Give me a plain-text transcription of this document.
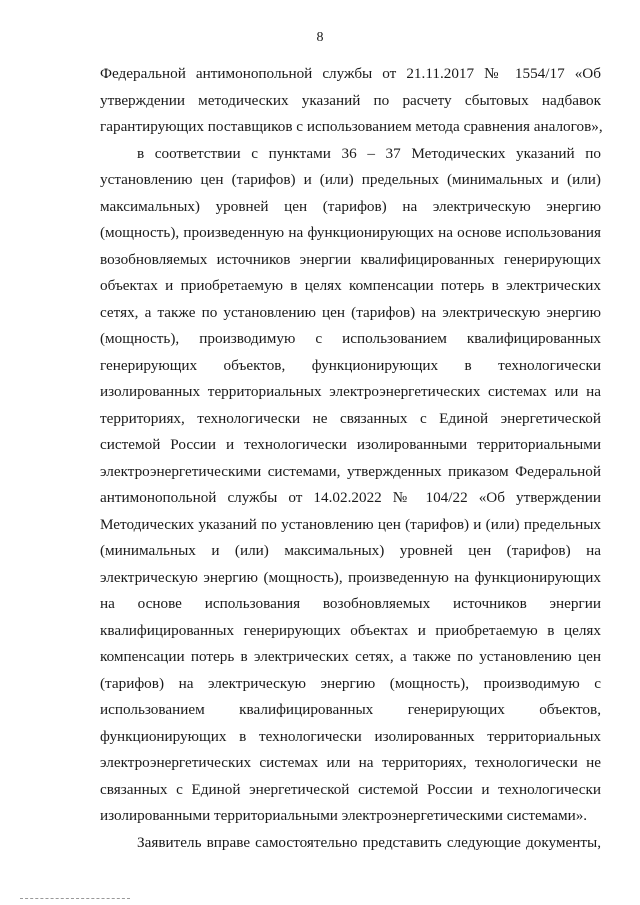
8
Федеральной антимонопольной службы от 21.11.2017 № 1554/17 «Об
утверждении методических указаний по расчету сбытовых надбавок
гарантирующих поставщиков с использованием метода сравнения аналогов»,
в соответствии с пунктами 36 – 37 Методических указаний по
установлению цен (тарифов) и (или) предельных (минимальных и (или)
максимальных) уровней цен (тарифов) на электрическую энергию
(мощность), произведенную на функционирующих на основе использования
возобновляемых источников энергии квалифицированных генерирующих
объектах и приобретаемую в целях компенсации потерь в электрических
сетях, а также по установлению цен (тарифов) на электрическую энергию
(мощность), производимую с использованием квалифицированных
генерирующих объектов, функционирующих в технологически
изолированных территориальных электроэнергетических системах или на
территориях, технологически не связанных с Единой энергетической
системой России и технологически изолированными территориальными
электроэнергетическими системами, утвержденных приказом Федеральной
антимонопольной службы от 14.02.2022 № 104/22 «Об утверждении
Методических указаний по установлению цен (тарифов) и (или) предельных
(минимальных и (или) максимальных) уровней цен (тарифов) на
электрическую энергию (мощность), произведенную на функционирующих
на основе использования возобновляемых источников энергии
квалифицированных генерирующих объектах и приобретаемую в целях
компенсации потерь в электрических сетях, а также по установлению цен
(тарифов) на электрическую энергию (мощность), производимую с
использованием квалифицированных генерирующих объектов,
функционирующих в технологически изолированных территориальных
электроэнергетических системах или на территориях, технологически не
связанных с Единой энергетической системой России и технологически
изолированными территориальными электроэнергетическими системами».
Заявитель вправе самостоятельно представить следующие документы,
